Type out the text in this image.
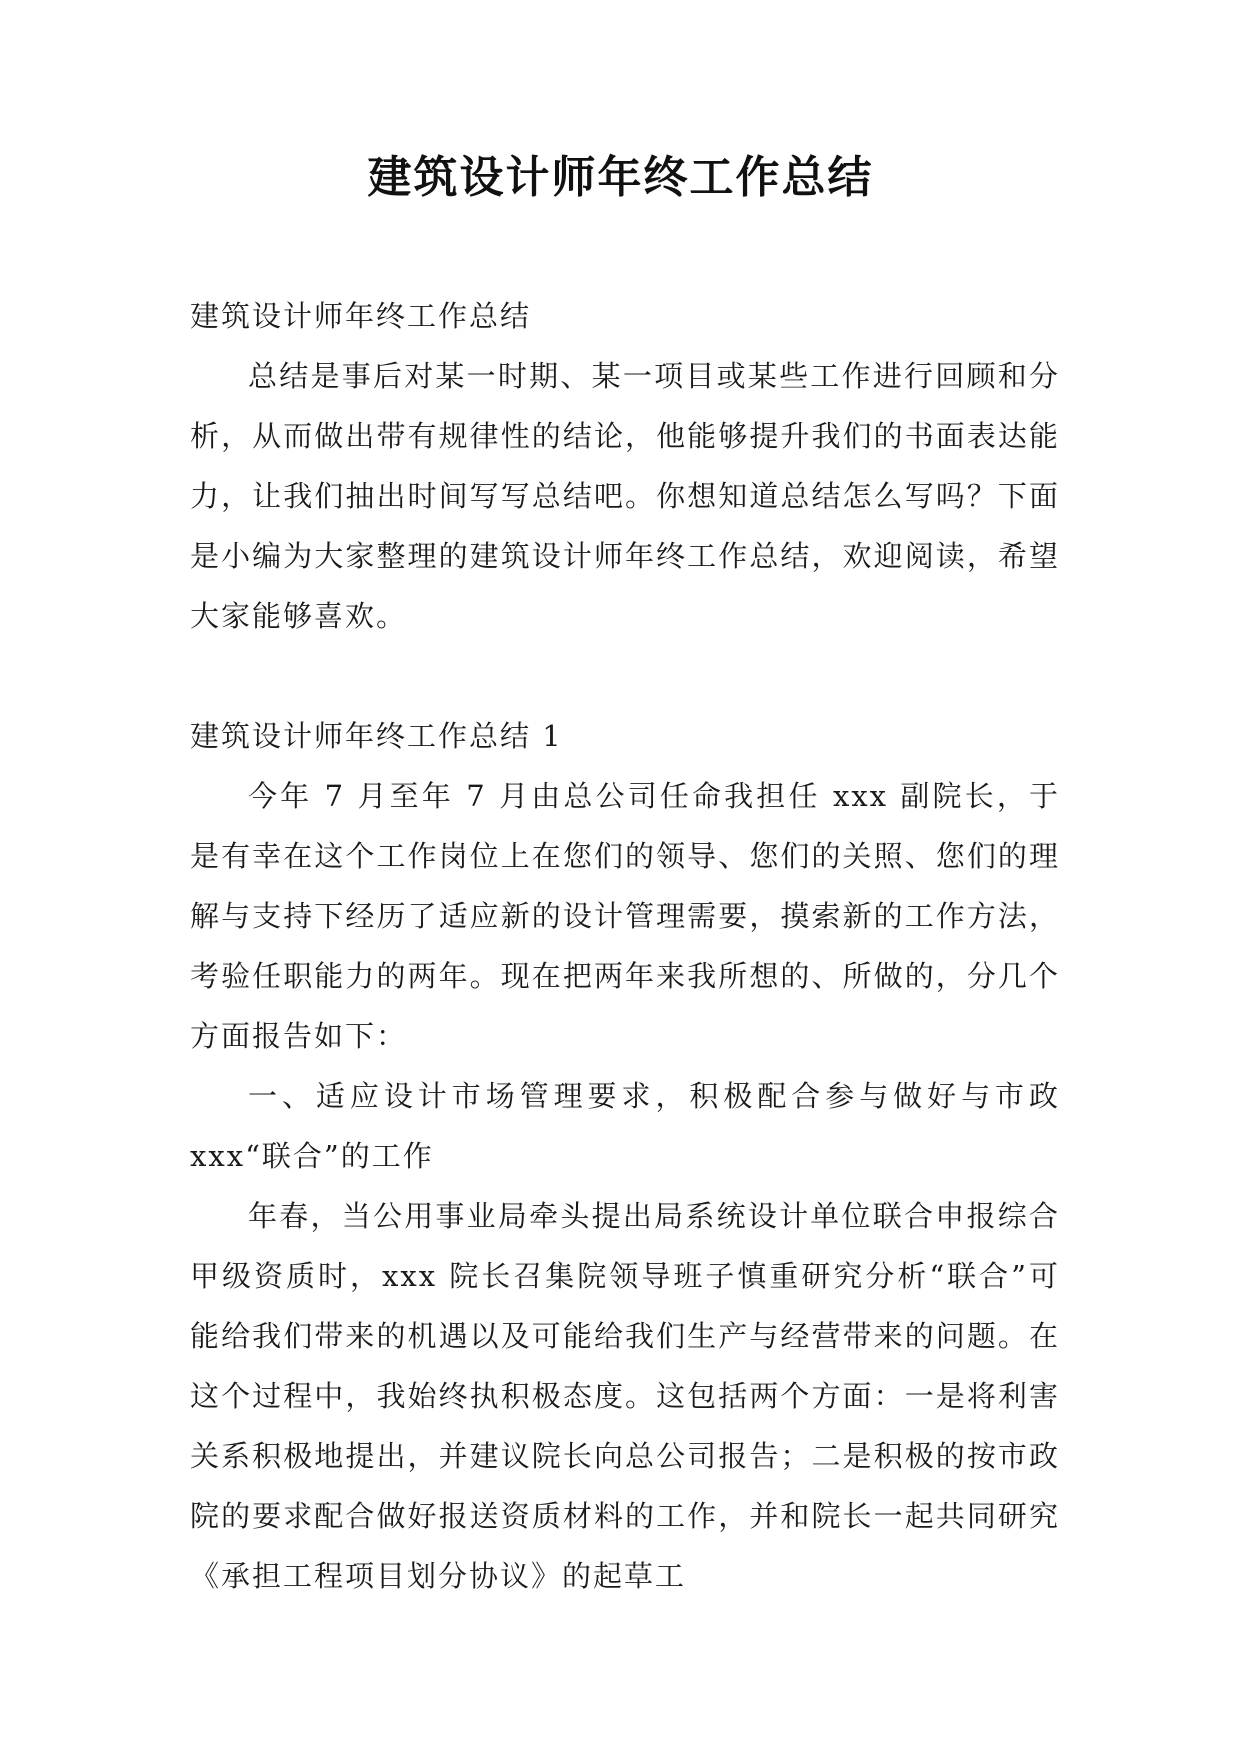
建筑设计师年终工作总结

建筑设计师年终工作总结

总结是事后对某一时期、某一项目或某些工作进行回顾和分析，从而做出带有规律性的结论，他能够提升我们的书面表达能力，让我们抽出时间写写总结吧。你想知道总结怎么写吗？下面是小编为大家整理的建筑设计师年终工作总结，欢迎阅读，希望大家能够喜欢。

建筑设计师年终工作总结 1

今年 7 月至年 7 月由总公司任命我担任 xxx 副院长，于是有幸在这个工作岗位上在您们的领导、您们的关照、您们的理解与支持下经历了适应新的设计管理需要，摸索新的工作方法，考验任职能力的两年。现在把两年来我所想的、所做的，分几个方面报告如下：

一、适应设计市场管理要求，积极配合参与做好与市政 xxx“联合”的工作

年春，当公用事业局牵头提出局系统设计单位联合申报综合甲级资质时，xxx 院长召集院领导班子慎重研究分析“联合”可能给我们带来的机遇以及可能给我们生产与经营带来的问题。在这个过程中，我始终执积极态度。这包括两个方面：一是将利害关系积极地提出，并建议院长向总公司报告；二是积极的按市政院的要求配合做好报送资质材料的工作，并和院长一起共同研究《承担工程项目划分协议》的起草工
